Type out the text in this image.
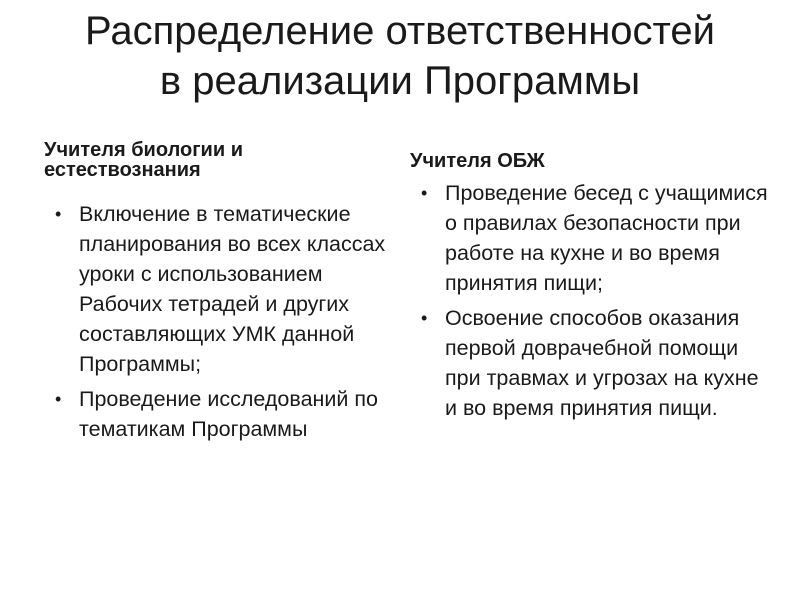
Распределение ответственностей
в реализации Программы
Учителя биологии и естествознания
• Включение в тематические планирования во всех классах уроки с использованием Рабочих тетрадей и других составляющих УМК данной Программы;
• Проведение исследований по тематикам Программы
Учителя ОБЖ
• Проведение бесед с учащимися о правилах безопасности при работе на кухне и во время принятия пищи;
• Освоение способов оказания первой доврачебной помощи при травмах и угрозах на кухне и во время принятия пищи.
